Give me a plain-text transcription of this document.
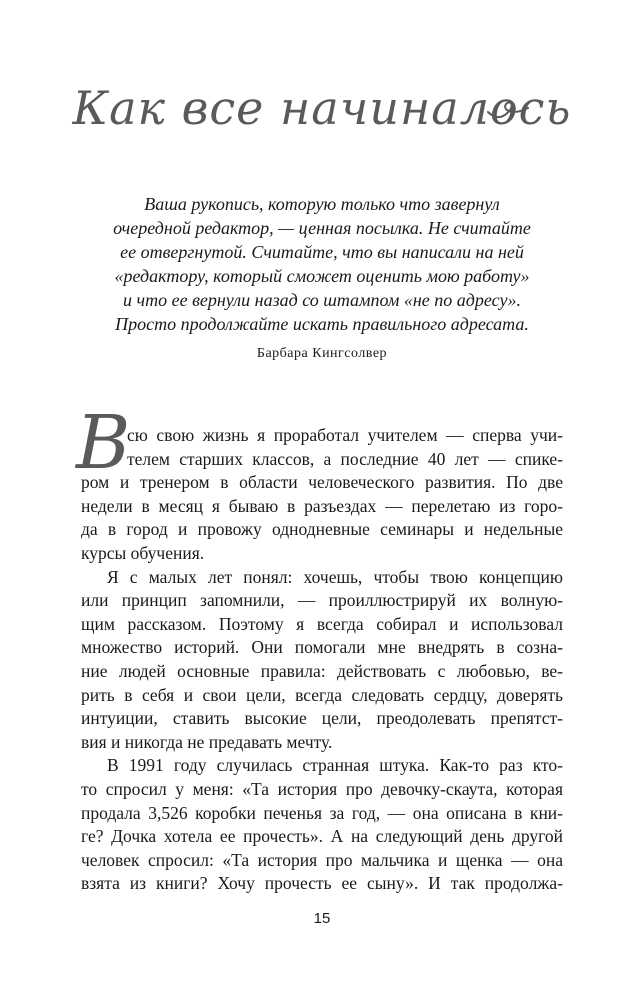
Как все начиналось
Ваша рукопись, которую только что завернул
очередной редактор, — ценная посылка. Не считайте
ее отвергнутой. Считайте, что вы написали на ней
«редактору, который сможет оценить мою работу»
и что ее вернули назад со штампом «не по адресу».
Просто продолжайте искать правильного адресата.
Барбара Кингсолвер
В
сю свою жизнь я проработал учителем — сперва учи-
телем старших классов, а последние 40 лет — спике-
ром и тренером в области человеческого развития. По две
недели в месяц я бываю в разъездах — перелетаю из горо-
да в город и провожу однодневные семинары и недельные
курсы обучения.
Я с малых лет понял: хочешь, чтобы твою концепцию
или принцип запомнили, — проиллюстрируй их волную-
щим рассказом. Поэтому я всегда собирал и использовал
множество историй. Они помогали мне внедрять в созна-
ние людей основные правила: действовать с любовью, ве-
рить в себя и свои цели, всегда следовать сердцу, доверять
интуиции, ставить высокие цели, преодолевать препятст-
вия и никогда не предавать мечту.
В 1991 году случилась странная штука. Как-то раз кто-
то спросил у меня: «Та история про девочку-скаута, которая
продала 3,526 коробки печенья за год, — она описана в кни-
ге? Дочка хотела ее прочесть». А на следующий день другой
человек спросил: «Та история про мальчика и щенка — она
взята из книги? Хочу прочесть ее сыну». И так продолжа-
15
